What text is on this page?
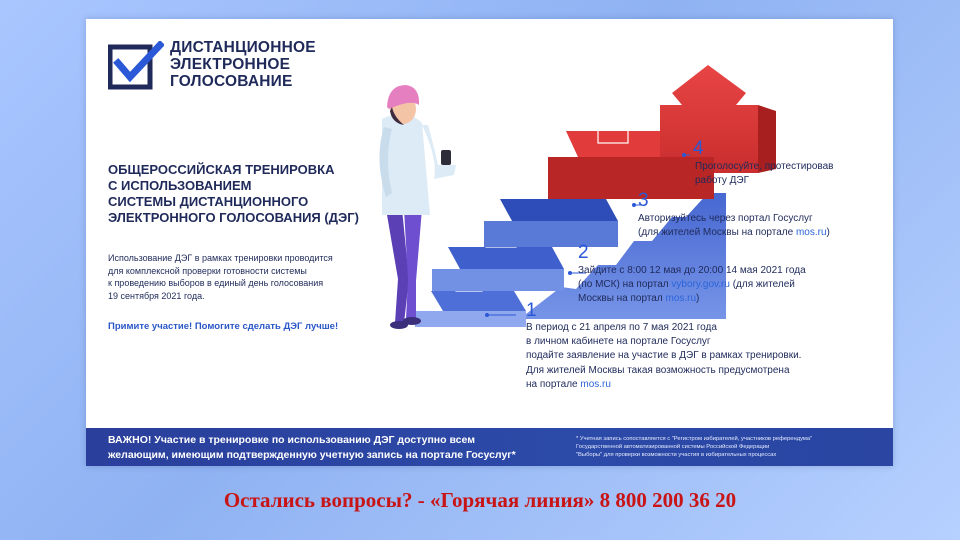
ДИСТАНЦИОННОЕ
ЭЛЕКТРОННОЕ
ГОЛОСОВАНИЕ
ОБЩЕРОССИЙСКАЯ ТРЕНИРОВКА
С ИСПОЛЬЗОВАНИЕМ
СИСТЕМЫ ДИСТАНЦИОННОГО
ЭЛЕКТРОННОГО ГОЛОСОВАНИЯ (ДЭГ)
Использование ДЭГ в рамках тренировки проводится
для комплексной проверки готовности системы
к проведению выборов в единый день голосования
19 сентября 2021 года.
Примите участие! Помогите сделать ДЭГ лучше!
1
В период с 21 апреля по 7 мая 2021 года
в личном кабинете на портале Госуслуг
подайте заявление на участие в ДЭГ в рамках тренировки.
Для жителей Москвы такая возможность предусмотрена
на портале mos.ru
2
Зайдите с 8:00 12 мая до 20:00 14 мая 2021 года
(по МСК) на портал vybory.gov.ru (для жителей
Москвы на портал mos.ru)
3
Авторизуйтесь через портал Госуслуг
(для жителей Москвы на портале mos.ru)
4
Проголосуйте, протестировав
работу ДЭГ
ВАЖНО! Участие в тренировке по использованию ДЭГ доступно всем
желающим, имеющим подтвержденную учетную запись на портале Госуслуг*
* Учетная запись сопоставляется с "Регистром избирателей, участников референдума"
Государственной автоматизированной системы Российской Федерации
"Выборы" для проверки возможности участия в избирательных процессах
Остались вопросы? - «Горячая линия» 8 800 200 36 20
